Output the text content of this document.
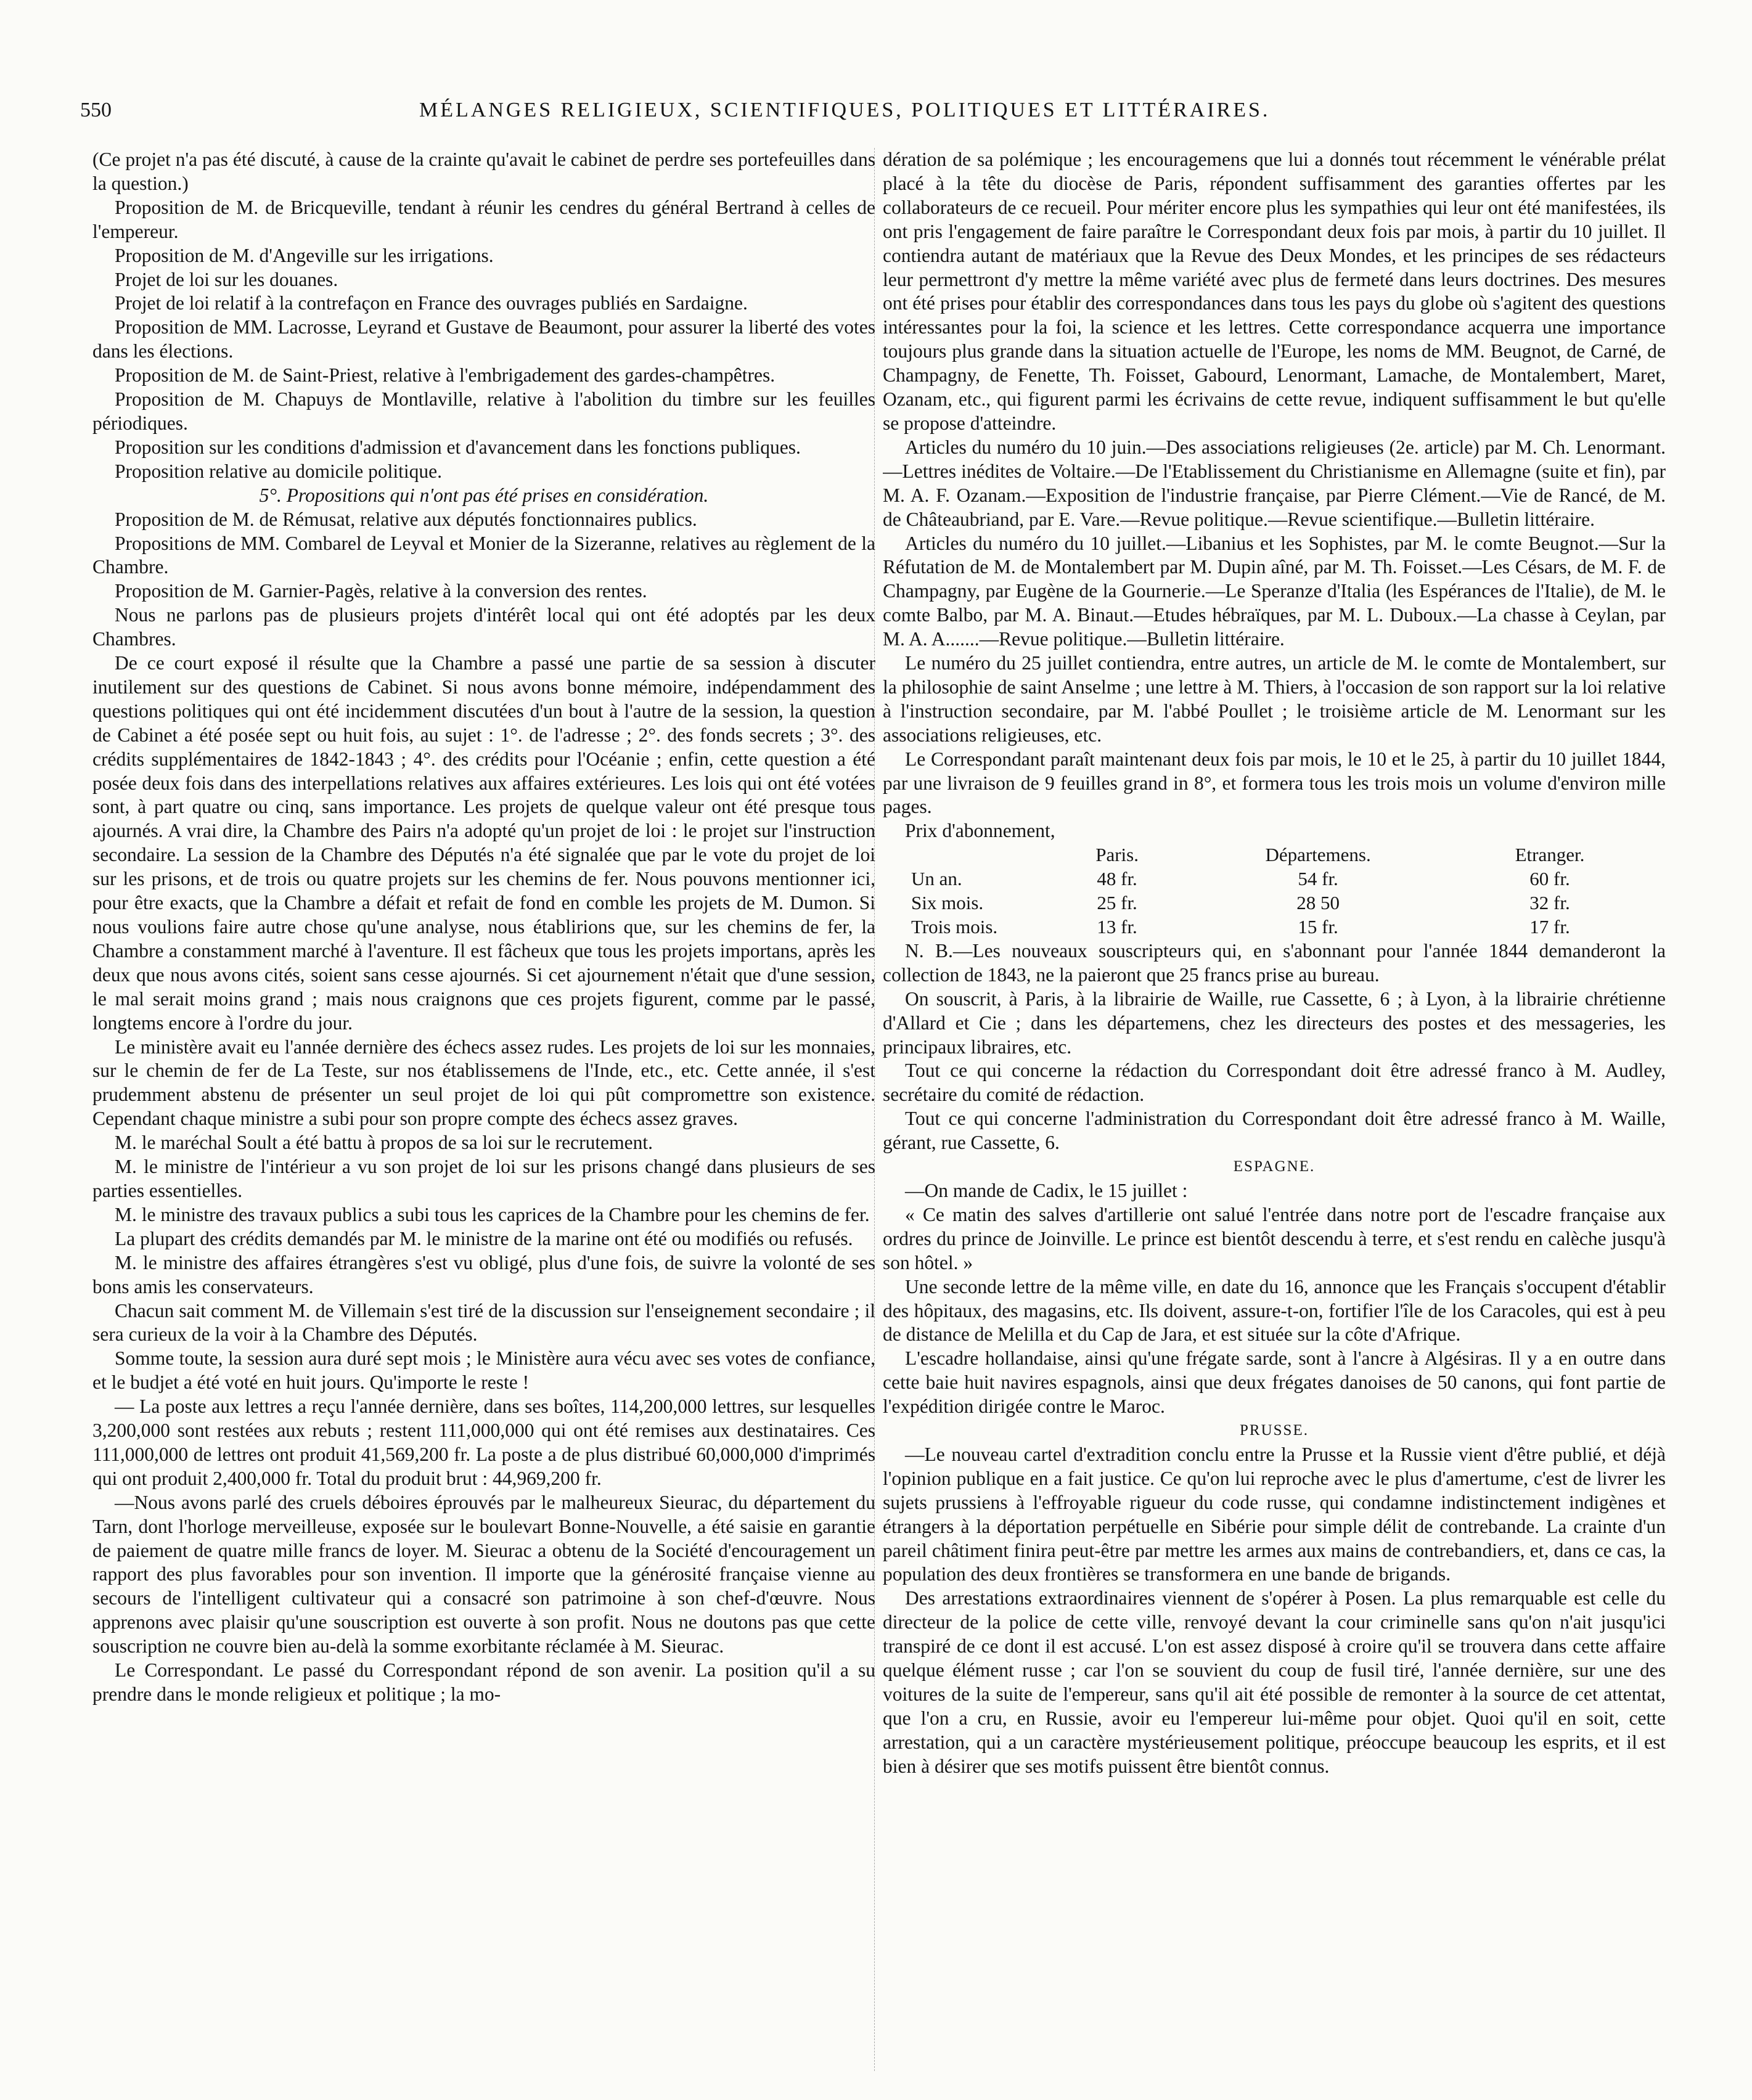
550	MÉLANGES RELIGIEUX, SCIENTIFIQUES, POLITIQUES ET LITTÉRAIRES.

(Ce projet n'a pas été discuté, à cause de la crainte qu'avait le cabinet de perdre ses portefeuilles dans la question.)

Proposition de M. de Bricqueville, tendant à réunir les cendres du général Bertrand à celles de l'empereur.

Proposition de M. d'Angeville sur les irrigations.

Projet de loi sur les douanes.

Projet de loi relatif à la contrefaçon en France des ouvrages publiés en Sardaigne.

Proposition de MM. Lacrosse, Leyrand et Gustave de Beaumont, pour assurer la liberté des votes dans les élections.

Proposition de M. de Saint-Priest, relative à l'embrigadement des gardes-champêtres.

Proposition de M. Chapuys de Montlaville, relative à l'abolition du timbre sur les feuilles périodiques.

Proposition sur les conditions d'admission et d'avancement dans les fonctions publiques.

Proposition relative au domicile politique.

5°. Propositions qui n'ont pas été prises en considération.

Proposition de M. de Rémusat, relative aux députés fonctionnaires publics.

Propositions de MM. Combarel de Leyval et Monier de la Sizeranne, relatives au règlement de la Chambre.

Proposition de M. Garnier-Pagès, relative à la conversion des rentes.

Nous ne parlons pas de plusieurs projets d'intérêt local qui ont été adoptés par les deux Chambres.

De ce court exposé il résulte que la Chambre a passé une partie de sa session à discuter inutilement sur des questions de Cabinet. Si nous avons bonne mémoire, indépendamment des questions politiques qui ont été incidemment discutées d'un bout à l'autre de la session, la question de Cabinet a été posée sept ou huit fois, au sujet : 1°. de l'adresse ; 2°. des fonds secrets ; 3°. des crédits supplémentaires de 1842-1843 ; 4°. des crédits pour l'Océanie ; enfin, cette question a été posée deux fois dans des interpellations relatives aux affaires extérieures. Les lois qui ont été votées sont, à part quatre ou cinq, sans importance. Les projets de quelque valeur ont été presque tous ajournés. A vrai dire, la Chambre des Pairs n'a adopté qu'un projet de loi : le projet sur l'instruction secondaire. La session de la Chambre des Députés n'a été signalée que par le vote du projet de loi sur les prisons, et de trois ou quatre projets sur les chemins de fer. Nous pouvons mentionner ici, pour être exacts, que la Chambre a défait et refait de fond en comble les projets de M. Dumon. Si nous voulions faire autre chose qu'une analyse, nous établirions que, sur les chemins de fer, la Chambre a constamment marché à l'aventure. Il est fâcheux que tous les projets importans, après les deux que nous avons cités, soient sans cesse ajournés. Si cet ajournement n'était que d'une session, le mal serait moins grand ; mais nous craignons que ces projets figurent, comme par le passé, longtems encore à l'ordre du jour.

Le ministère avait eu l'année dernière des échecs assez rudes. Les projets de loi sur les monnaies, sur le chemin de fer de La Teste, sur nos établissemens de l'Inde, etc., etc. Cette année, il s'est prudemment abstenu de présenter un seul projet de loi qui pût compromettre son existence. Cependant chaque ministre a subi pour son propre compte des échecs assez graves.

M. le maréchal Soult a été battu à propos de sa loi sur le recrutement.

M. le ministre de l'intérieur a vu son projet de loi sur les prisons changé dans plusieurs de ses parties essentielles.

M. le ministre des travaux publics a subi tous les caprices de la Chambre pour les chemins de fer.

La plupart des crédits demandés par M. le ministre de la marine ont été ou modifiés ou refusés.

M. le ministre des affaires étrangères s'est vu obligé, plus d'une fois, de suivre la volonté de ses bons amis les conservateurs.

Chacun sait comment M. de Villemain s'est tiré de la discussion sur l'enseignement secondaire ; il sera curieux de la voir à la Chambre des Députés.

Somme toute, la session aura duré sept mois ; le Ministère aura vécu avec ses votes de confiance, et le budjet a été voté en huit jours. Qu'importe le reste !

— La poste aux lettres a reçu l'année dernière, dans ses boîtes, 114,200,000 lettres, sur lesquelles 3,200,000 sont restées aux rebuts ; restent 111,000,000 qui ont été remises aux destinataires. Ces 111,000,000 de lettres ont produit 41,569,200 fr. La poste a de plus distribué 60,000,000 d'imprimés qui ont produit 2,400,000 fr. Total du produit brut : 44,969,200 fr.

—Nous avons parlé des cruels déboires éprouvés par le malheureux Sieurac, du département du Tarn, dont l'horloge merveilleuse, exposée sur le boulevart Bonne-Nouvelle, a été saisie en garantie de paiement de quatre mille francs de loyer. M. Sieurac a obtenu de la Société d'encouragement un rapport des plus favorables pour son invention. Il importe que la générosité française vienne au secours de l'intelligent cultivateur qui a consacré son patrimoine à son chef-d'œuvre. Nous apprenons avec plaisir qu'une souscription est ouverte à son profit. Nous ne doutons pas que cette souscription ne couvre bien au-delà la somme exorbitante réclamée à M. Sieurac.

Le Correspondant. Le passé du Correspondant répond de son avenir. La position qu'il a su prendre dans le monde religieux et politique ; la mo-

dération de sa polémique ; les encouragemens que lui a donnés tout récemment le vénérable prélat placé à la tête du diocèse de Paris, répondent suffisamment des garanties offertes par les collaborateurs de ce recueil. Pour mériter encore plus les sympathies qui leur ont été manifestées, ils ont pris l'engagement de faire paraître le Correspondant deux fois par mois, à partir du 10 juillet. Il contiendra autant de matériaux que la Revue des Deux Mondes, et les principes de ses rédacteurs leur permettront d'y mettre la même variété avec plus de fermeté dans leurs doctrines. Des mesures ont été prises pour établir des correspondances dans tous les pays du globe où s'agitent des questions intéressantes pour la foi, la science et les lettres. Cette correspondance acquerra une importance toujours plus grande dans la situation actuelle de l'Europe, les noms de MM. Beugnot, de Carné, de Champagny, de Fenette, Th. Foisset, Gabourd, Lenormant, Lamache, de Montalembert, Maret, Ozanam, etc., qui figurent parmi les écrivains de cette revue, indiquent suffisamment le but qu'elle se propose d'atteindre.

Articles du numéro du 10 juin.—Des associations religieuses (2e. article) par M. Ch. Lenormant.—Lettres inédites de Voltaire.—De l'Etablissement du Christianisme en Allemagne (suite et fin), par M. A. F. Ozanam.—Exposition de l'industrie française, par Pierre Clément.—Vie de Rancé, de M. de Châteaubriand, par E. Vare.—Revue politique.—Revue scientifique.—Bulletin littéraire.

Articles du numéro du 10 juillet.—Libanius et les Sophistes, par M. le comte Beugnot.—Sur la Réfutation de M. de Montalembert par M. Dupin aîné, par M. Th. Foisset.—Les Césars, de M. F. de Champagny, par Eugène de la Gournerie.—Le Speranze d'Italia (les Espérances de l'Italie), de M. le comte Balbo, par M. A. Binaut.—Etudes hébraïques, par M. L. Duboux.—La chasse à Ceylan, par M. A. A.......—Revue politique.—Bulletin littéraire.

Le numéro du 25 juillet contiendra, entre autres, un article de M. le comte de Montalembert, sur la philosophie de saint Anselme ; une lettre à M. Thiers, à l'occasion de son rapport sur la loi relative à l'instruction secondaire, par M. l'abbé Poullet ; le troisième article de M. Lenormant sur les associations religieuses, etc.

Le Correspondant paraît maintenant deux fois par mois, le 10 et le 25, à partir du 10 juillet 1844, par une livraison de 9 feuilles grand in 8°, et formera tous les trois mois un volume d'environ mille pages.

Prix d'abonnement,

	Paris.	Départemens.	Etranger.
Un an.	48 fr.	54 fr.	60 fr.
Six mois.	25 fr.	28 50	32 fr.
Trois mois.	13 fr.	15 fr.	17 fr.

N. B.—Les nouveaux souscripteurs qui, en s'abonnant pour l'année 1844 demanderont la collection de 1843, ne la paieront que 25 francs prise au bureau.

On souscrit, à Paris, à la librairie de Waille, rue Cassette, 6 ; à Lyon, à la librairie chrétienne d'Allard et Cie ; dans les départemens, chez les directeurs des postes et des messageries, les principaux libraires, etc.

Tout ce qui concerne la rédaction du Correspondant doit être adressé franco à M. Audley, secrétaire du comité de rédaction.

Tout ce qui concerne l'administration du Correspondant doit être adressé franco à M. Waille, gérant, rue Cassette, 6.

ESPAGNE.

—On mande de Cadix, le 15 juillet :

« Ce matin des salves d'artillerie ont salué l'entrée dans notre port de l'escadre française aux ordres du prince de Joinville. Le prince est bientôt descendu à terre, et s'est rendu en calèche jusqu'à son hôtel. »

Une seconde lettre de la même ville, en date du 16, annonce que les Français s'occupent d'établir des hôpitaux, des magasins, etc. Ils doivent, assure-t-on, fortifier l'île de los Caracoles, qui est à peu de distance de Melilla et du Cap de Jara, et est située sur la côte d'Afrique.

L'escadre hollandaise, ainsi qu'une frégate sarde, sont à l'ancre à Algésiras. Il y a en outre dans cette baie huit navires espagnols, ainsi que deux frégates danoises de 50 canons, qui font partie de l'expédition dirigée contre le Maroc.

PRUSSE.

—Le nouveau cartel d'extradition conclu entre la Prusse et la Russie vient d'être publié, et déjà l'opinion publique en a fait justice. Ce qu'on lui reproche avec le plus d'amertume, c'est de livrer les sujets prussiens à l'effroyable rigueur du code russe, qui condamne indistinctement indigènes et étrangers à la déportation perpétuelle en Sibérie pour simple délit de contrebande. La crainte d'un pareil châtiment finira peut-être par mettre les armes aux mains de contrebandiers, et, dans ce cas, la population des deux frontières se transformera en une bande de brigands.

Des arrestations extraordinaires viennent de s'opérer à Posen. La plus remarquable est celle du directeur de la police de cette ville, renvoyé devant la cour criminelle sans qu'on n'ait jusqu'ici transpiré de ce dont il est accusé. L'on est assez disposé à croire qu'il se trouvera dans cette affaire quelque élément russe ; car l'on se souvient du coup de fusil tiré, l'année dernière, sur une des voitures de la suite de l'empereur, sans qu'il ait été possible de remonter à la source de cet attentat, que l'on a cru, en Russie, avoir eu l'empereur lui-même pour objet. Quoi qu'il en soit, cette arrestation, qui a un caractère mystérieusement politique, préoccupe beaucoup les esprits, et il est bien à désirer que ses motifs puissent être bientôt connus.
